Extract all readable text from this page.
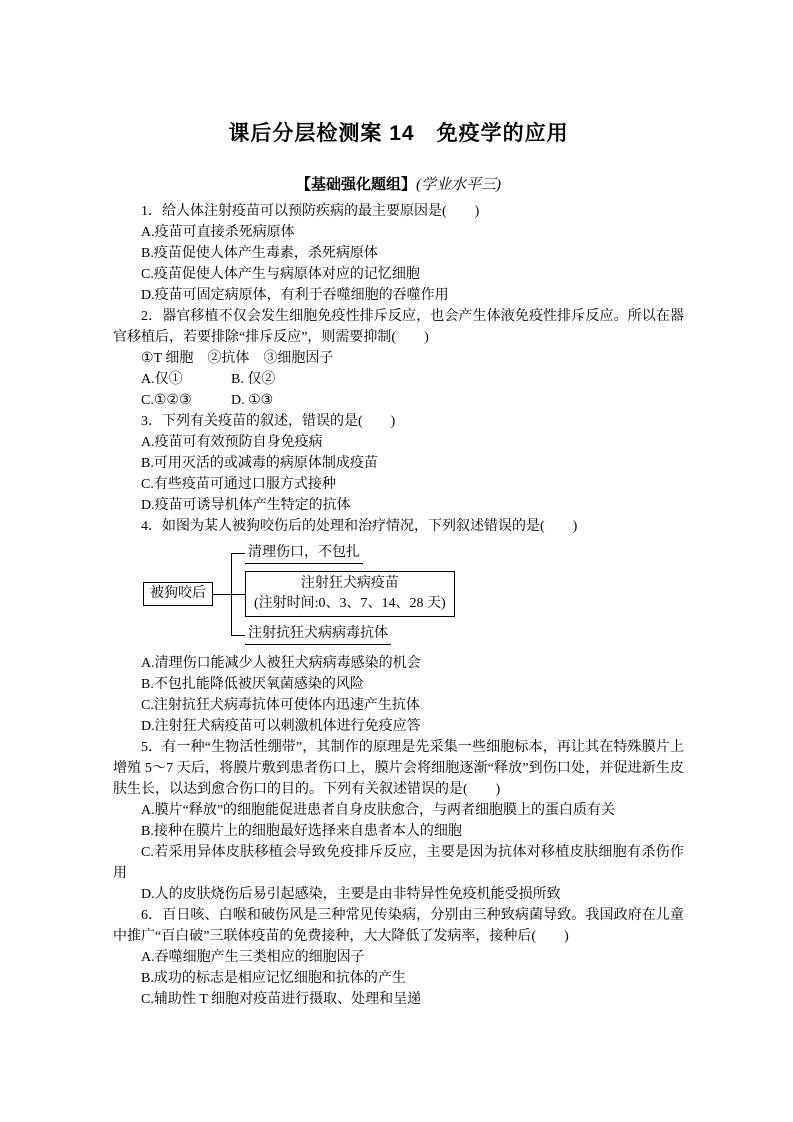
课后分层检测案 14　免疫学的应用
【基础强化题组】(学业水平三)

1．给人体注射疫苗可以预防疾病的最主要原因是(　　)

A.疫苗可直接杀死病原体

B.疫苗促使人体产生毒素，杀死病原体

C.疫苗促使人体产生与病原体对应的记忆细胞

D.疫苗可固定病原体，有利于吞噬细胞的吞噬作用

2．器官移植不仅会发生细胞免疫性排斥反应，也会产生体液免疫性排斥反应。所以在器官移植后，若要排除“排斥反应”，则需要抑制(　　)

①T 细胞　②抗体　③细胞因子

A.仅①	B. 仅②

C.①②③	D. ①③

3．下列有关疫苗的叙述，错误的是(　　)

A.疫苗可有效预防自身免疫病

B.可用灭活的或减毒的病原体制成疫苗

C.有些疫苗可通过口服方式接种

D.疫苗可诱导机体产生特定的抗体

4．如图为某人被狗咬伤后的处理和治疗情况，下列叙述错误的是(　　)

被狗咬后
清理伤口，不包扎
注射狂犬病疫苗
(注射时间:0、3、7、14、28 天)
注射抗狂犬病病毒抗体

A.清理伤口能减少人被狂犬病病毒感染的机会

B.不包扎能降低被厌氧菌感染的风险

C.注射抗狂犬病毒抗体可使体内迅速产生抗体

D.注射狂犬病疫苗可以刺激机体进行免疫应答

5．有一种“生物活性绷带”，其制作的原理是先采集一些细胞标本，再让其在特殊膜片上增殖 5～7 天后，将膜片敷到患者伤口上，膜片会将细胞逐渐“释放”到伤口处，并促进新生皮肤生长，以达到愈合伤口的目的。下列有关叙述错误的是(　　)

A.膜片“释放”的细胞能促进患者自身皮肤愈合，与两者细胞膜上的蛋白质有关

B.接种在膜片上的细胞最好选择来自患者本人的细胞

C.若采用异体皮肤移植会导致免疫排斥反应，主要是因为抗体对移植皮肤细胞有杀伤作用

D.人的皮肤烧伤后易引起感染，主要是由非特异性免疫机能受损所致

6．百日咳、白喉和破伤风是三种常见传染病，分别由三种致病菌导致。我国政府在儿童中推广“百白破”三联体疫苗的免费接种，大大降低了发病率，接种后(　　)

A.吞噬细胞产生三类相应的细胞因子

B.成功的标志是相应记忆细胞和抗体的产生

C.辅助性 T 细胞对疫苗进行摄取、处理和呈递
